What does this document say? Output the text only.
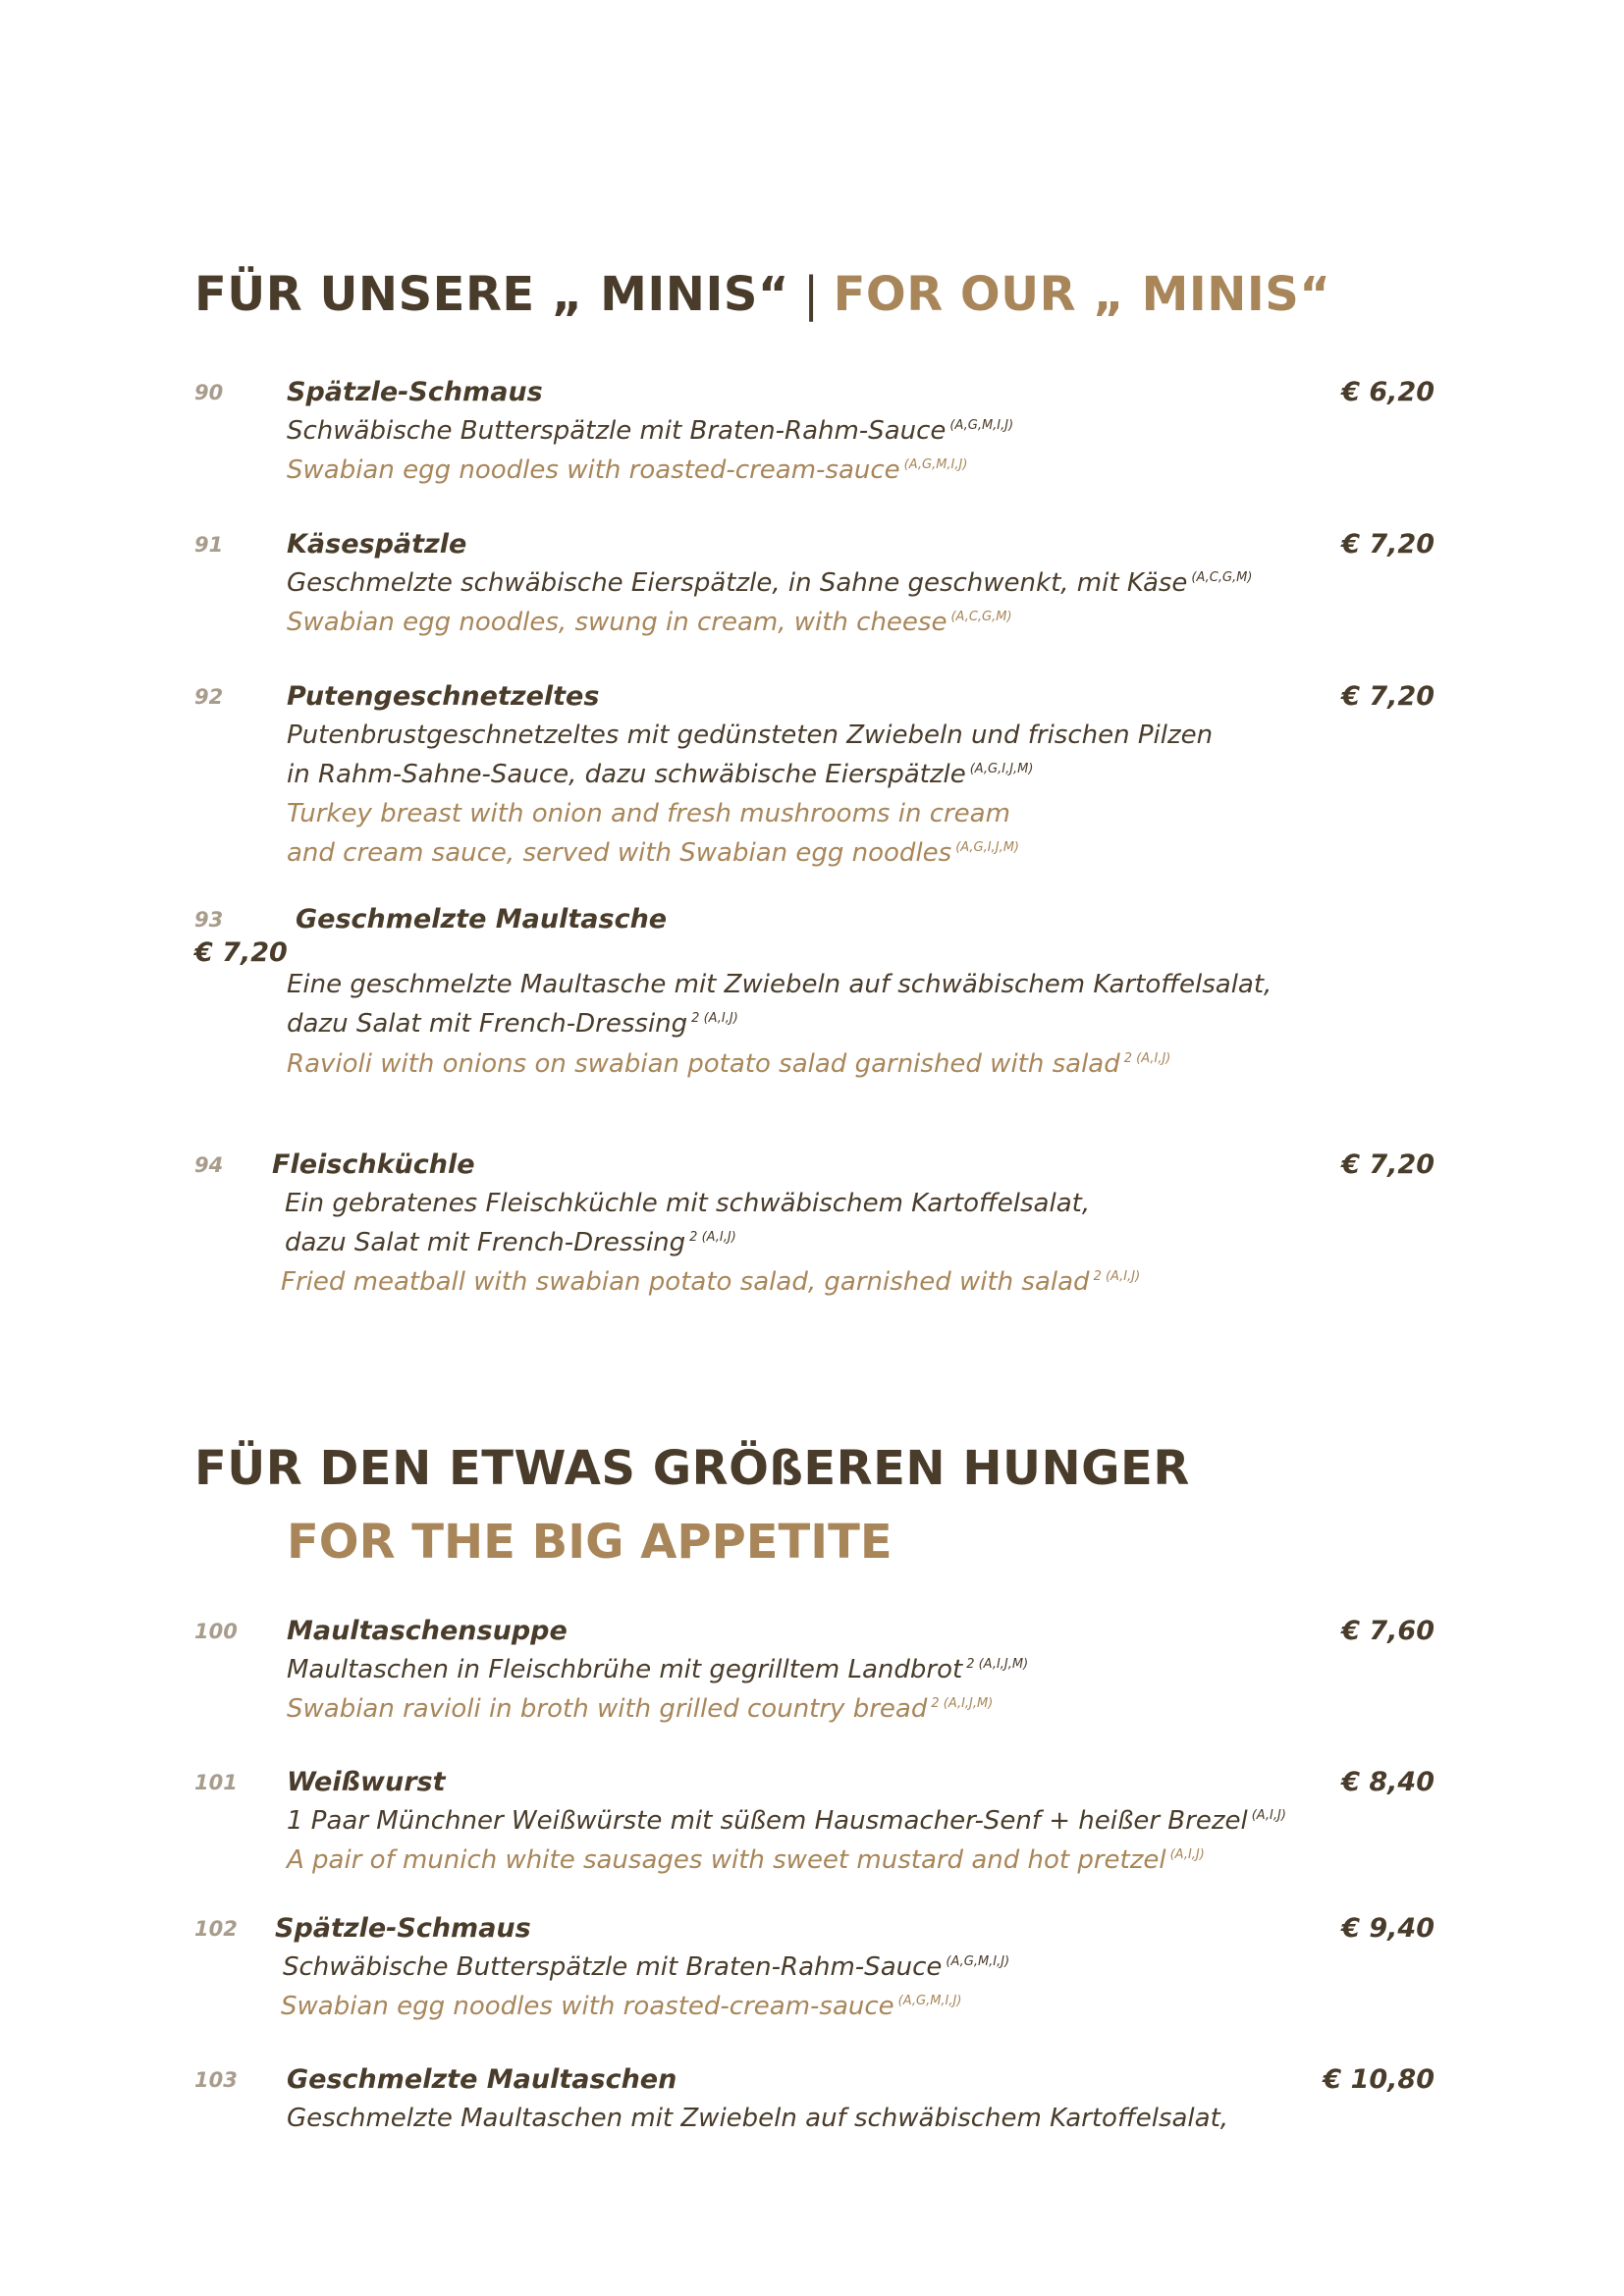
FÜR UNSERE „ MINIS“ | FOR OUR „ MINIS“
90 Spätzle-Schmaus	€ 6,20
Schwäbische Butterspätzle mit Braten-Rahm-Sauce $^{(A,G,M,I,J)}$
Swabian egg noodles with roasted-cream-sauce $^{(A,G,M,I,J)}$
91 Käsespätzle	€ 7,20
Geschmelzte schwäbische Eierspätzle, in Sahne geschwenkt, mit Käse $^{(A,C,G,M)}$
Swabian egg noodles, swung in cream, with cheese $^{(A,C,G,M)}$
92 Putengeschnetzeltes	€ 7,20
Putenbrustgeschnetzeltes mit gedünsteten Zwiebeln und frischen Pilzen
in Rahm-Sahne-Sauce, dazu schwäbische Eierspätzle $^{(A,G,I,J,M)}$
Turkey breast with onion and fresh mushrooms in cream
and cream sauce, served with Swabian egg noodles $^{(A,G,I,J,M)}$
93	Geschmelzte Maultasche
€ 7,20
Eine geschmelzte Maultasche mit Zwiebeln auf schwäbischem Kartoffelsalat,
dazu Salat mit French-Dressing $^{2 (A,I,J)}$
Ravioli with onions on swabian potato salad garnished with salad $^{2 (A,I,J)}$
94 Fleischküchle	€ 7,20
Ein gebratenes Fleischküchle mit schwäbischem Kartoffelsalat,
dazu Salat mit French-Dressing $^{2 (A,I,J)}$
Fried meatball with swabian potato salad, garnished with salad $^{2 (A,I,J)}$
FÜR DEN ETWAS GRÖßEREN HUNGER
FOR THE BIG APPETITE
100 Maultaschensuppe	€ 7,60
Maultaschen in Fleischbrühe mit gegrilltem Landbrot $^{2 (A,I,J,M)}$
Swabian ravioli in broth with grilled country bread $^{2 (A,I,J,M)}$
101 Weißwurst	€ 8,40
1 Paar Münchner Weißwürste mit süßem Hausmacher-Senf + heißer Brezel $^{(A,I,J)}$
A pair of munich white sausages with sweet mustard and hot pretzel $^{(A,I,J)}$
102 Spätzle-Schmaus	€ 9,40
Schwäbische Butterspätzle mit Braten-Rahm-Sauce $^{(A,G,M,I,J)}$
Swabian egg noodles with roasted-cream-sauce $^{(A,G,M,I,J)}$
103 Geschmelzte Maultaschen	€ 10,80
Geschmelzte Maultaschen mit Zwiebeln auf schwäbischem Kartoffelsalat,
